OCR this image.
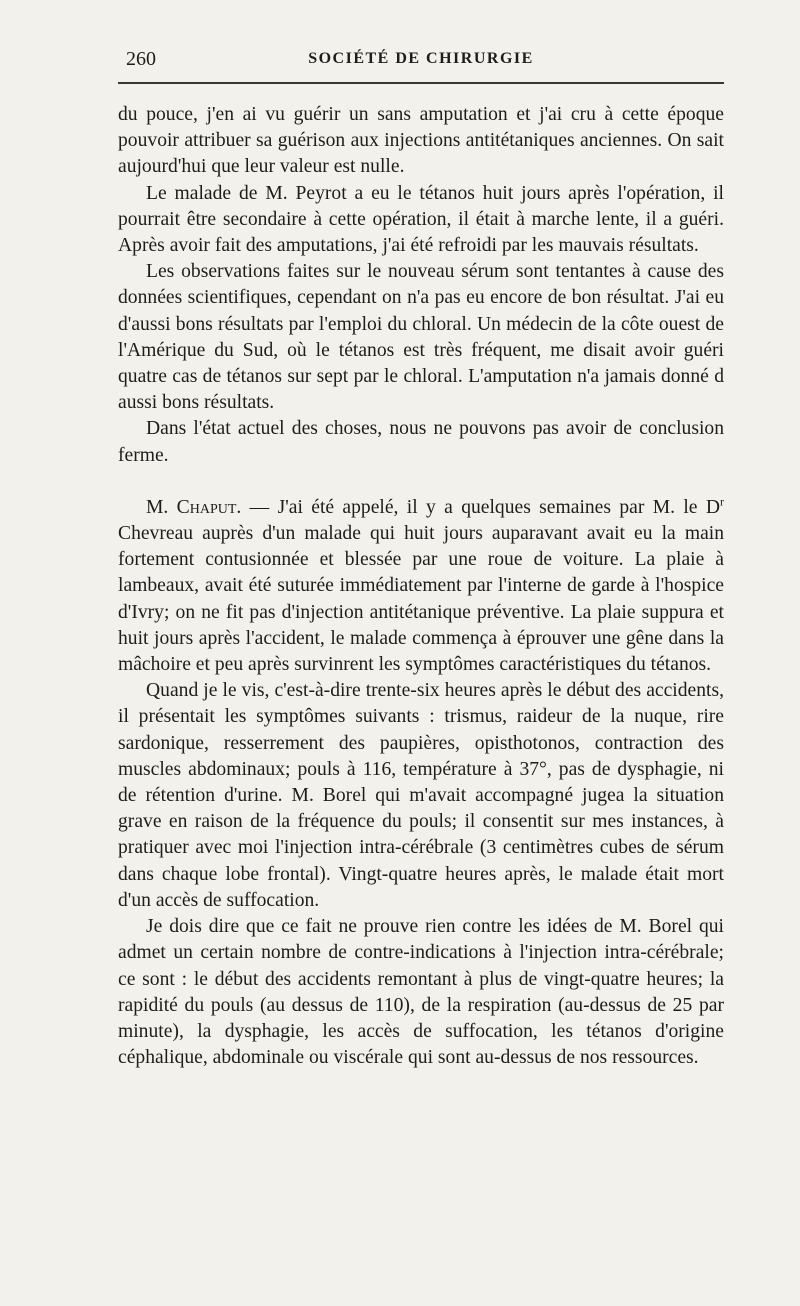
260	SOCIÉTÉ DE CHIRURGIE

du pouce, j'en ai vu guérir un sans amputation et j'ai cru à cette époque pouvoir attribuer sa guérison aux injections antitétaniques anciennes. On sait aujourd'hui que leur valeur est nulle.

Le malade de M. Peyrot a eu le tétanos huit jours après l'opération, il pourrait être secondaire à cette opération, il était à marche lente, il a guéri. Après avoir fait des amputations, j'ai été refroidi par les mauvais résultats.

Les observations faites sur le nouveau sérum sont tentantes à cause des données scientifiques, cependant on n'a pas eu encore de bon résultat. J'ai eu d'aussi bons résultats par l'emploi du chloral. Un médecin de la côte ouest de l'Amérique du Sud, où le tétanos est très fréquent, me disait avoir guéri quatre cas de tétanos sur sept par le chloral. L'amputation n'a jamais donné d aussi bons résultats.

Dans l'état actuel des choses, nous ne pouvons pas avoir de conclusion ferme.

M. Chaput. — J'ai été appelé, il y a quelques semaines par M. le $D^r$ Chevreau auprès d'un malade qui huit jours auparavant avait eu la main fortement contusionnée et blessée par une roue de voiture. La plaie à lambeaux, avait été suturée immédiatement par l'interne de garde à l'hospice d'Ivry; on ne fit pas d'injection antitétanique préventive. La plaie suppura et huit jours après l'accident, le malade commença à éprouver une gêne dans la mâchoire et peu après survinrent les symptômes caractéristiques du tétanos.

Quand je le vis, c'est-à-dire trente-six heures après le début des accidents, il présentait les symptômes suivants : trismus, raideur de la nuque, rire sardonique, resserrement des paupières, opisthotonos, contraction des muscles abdominaux; pouls à 116, température à 37°, pas de dysphagie, ni de rétention d'urine. M. Borel qui m'avait accompagné jugea la situation grave en raison de la fréquence du pouls; il consentit sur mes instances, à pratiquer avec moi l'injection intra-cérébrale (3 centimètres cubes de sérum dans chaque lobe frontal). Vingt-quatre heures après, le malade était mort d'un accès de suffocation.

Je dois dire que ce fait ne prouve rien contre les idées de M. Borel qui admet un certain nombre de contre-indications à l'injection intra-cérébrale; ce sont : le début des accidents remontant à plus de vingt-quatre heures; la rapidité du pouls (au dessus de 110), de la respiration (au-dessus de 25 par minute), la dysphagie, les accès de suffocation, les tétanos d'origine céphalique, abdominale ou viscérale qui sont au-dessus de nos ressources.
